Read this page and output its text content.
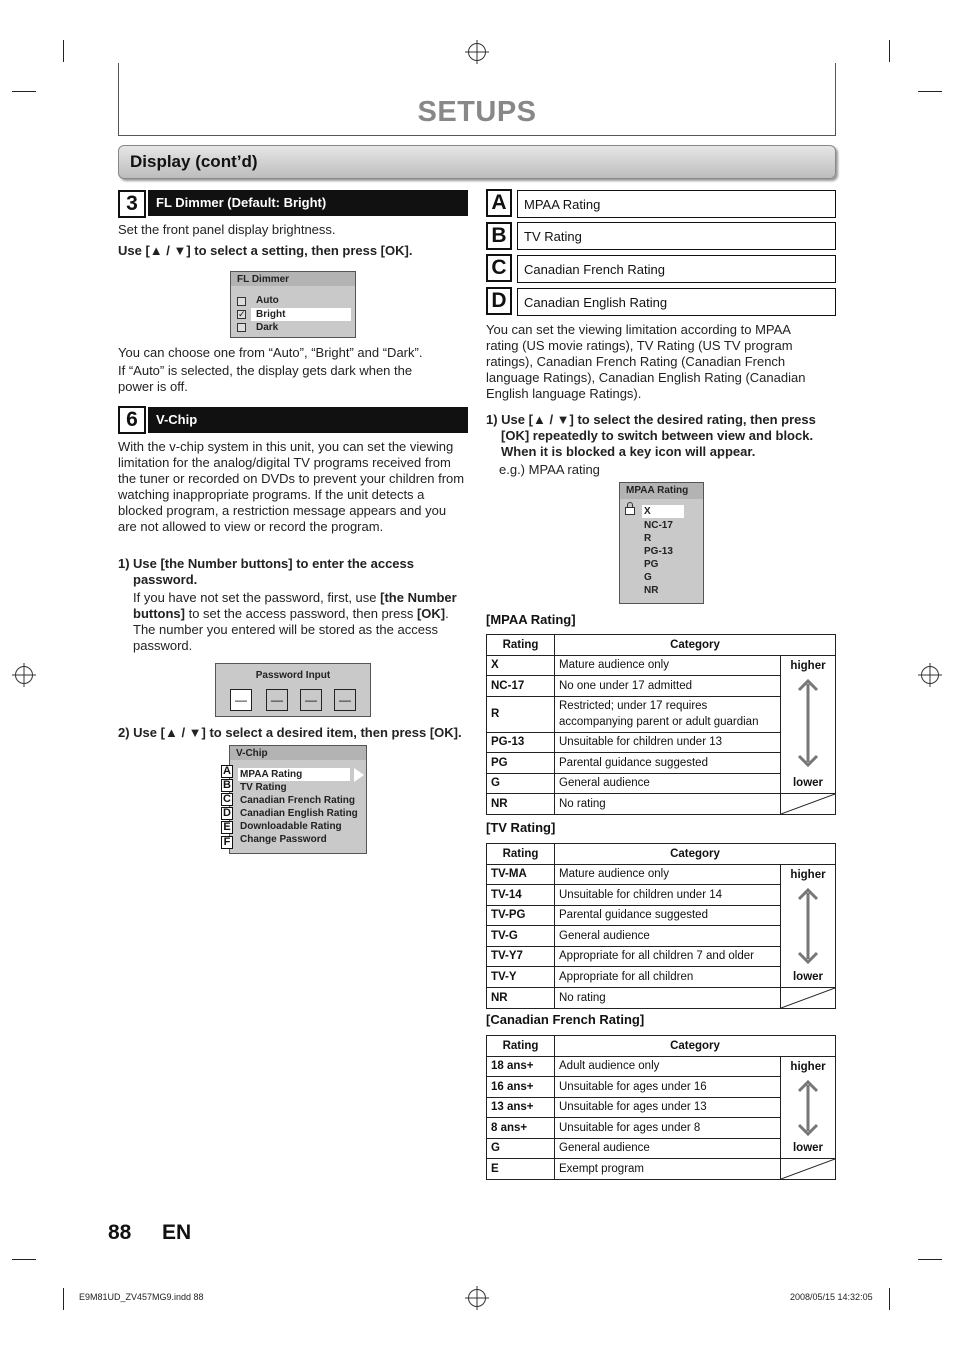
SETUPS
Display (cont’d)
3	FL Dimmer (Default: Bright)
Set the front panel display brightness.
Use [▲ / ▼] to select a setting, then press [OK].
FL Dimmer
Auto
✓ Bright
Dark
You can choose one from “Auto”, “Bright” and “Dark”.
If “Auto” is selected, the display gets dark when the power is off.
6	V-Chip
With the v-chip system in this unit, you can set the viewing limitation for the analog/digital TV programs received from the tuner or recorded on DVDs to prevent your children from watching inappropriate programs. If the unit detects a blocked program, a restriction message appears and you are not allowed to view or record the program.
1) Use [the Number buttons] to enter the access
password.
If you have not set the password, first, use [the Number buttons] to set the access password, then press [OK]. The number you entered will be stored as the access password.
Password Input
—	—	—	—
2) Use [▲ / ▼] to select a desired item, then press [OK].
V-Chip
MPAA Rating
TV Rating
Canadian French Rating
Canadian English Rating
Downloadable Rating
Change Password
A
B
C
D
E
F
A	MPAA Rating
B	TV Rating
C	Canadian French Rating
D	Canadian English Rating
You can set the viewing limitation according to MPAA rating (US movie ratings), TV Rating (US TV program ratings), Canadian French Rating (Canadian French language Ratings), Canadian English Rating (Canadian English language Ratings).
1) Use [▲ / ▼] to select the desired rating, then press
[OK] repeatedly to switch between view and block.
When it is blocked a key icon will appear.
e.g.) MPAA rating
MPAA Rating
X
NC-17
R
PG-13
PG
G
NR
[MPAA Rating]
Rating	Category	
X	Mature audience only	higher
lower

NC-17	No one under 17 admitted	
R	Restricted; under 17 requires accompanying parent or adult guardian	
PG-13	Unsuitable for children under 13	
PG	Parental guidance suggested	
G	General audience	
NR	No rating	
[TV Rating]
Rating	Category	
TV-MA	Mature audience only	higher
lower

TV-14	Unsuitable for children under 14	
TV-PG	Parental guidance suggested	
TV-G	General audience	
TV-Y7	Appropriate for all children 7 and older	
TV-Y	Appropriate for all children	
NR	No rating	
[Canadian French Rating]
Rating	Category	
18 ans+	Adult audience only	higher
lower

16 ans+	Unsuitable for ages under 16	
13 ans+	Unsuitable for ages under 13	
8 ans+	Unsuitable for ages under 8	
G	General audience	
E	Exempt program	
88 EN
E9M81UD_ZV457MG9.indd 88	2008/05/15 14:32:05
